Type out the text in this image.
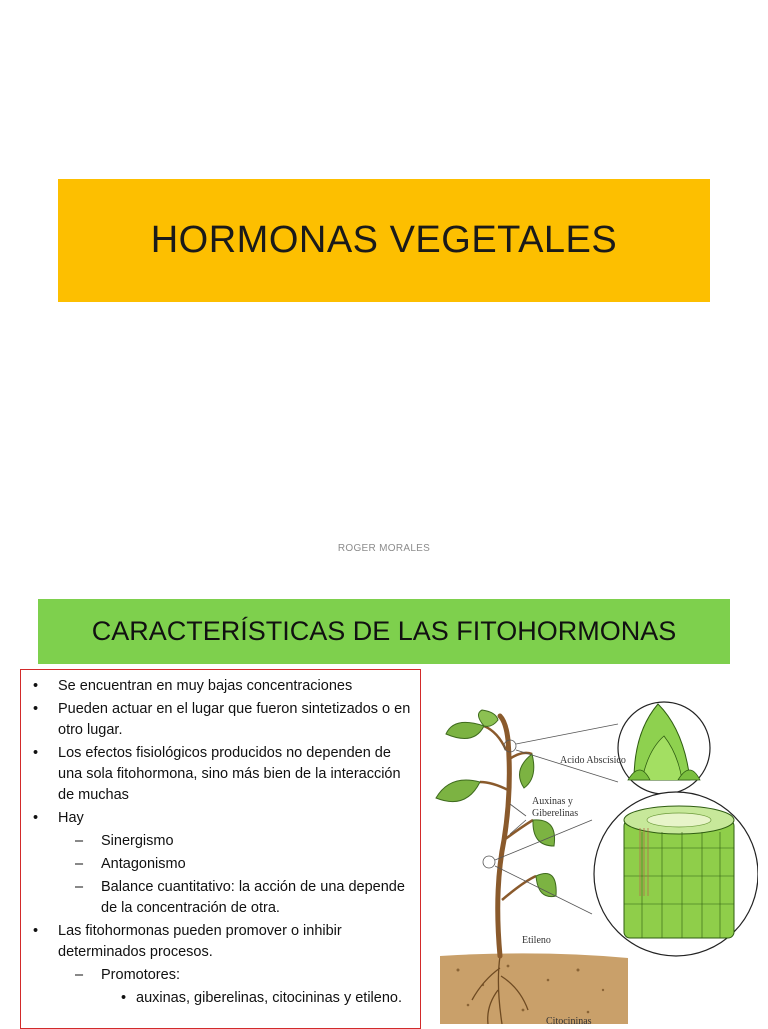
HORMONAS VEGETALES
ROGER MORALES
CARACTERÍSTICAS DE LAS FITOHORMONAS
• Se encuentran en muy bajas concentraciones
• Pueden actuar en el lugar que fueron sintetizados o en otro lugar.
• Los efectos fisiológicos producidos no dependen de una sola fitohormona, sino más bien de la interacción de muchas
• Hay
– Sinergismo
– Antagonismo
– Balance cuantitativo: la acción de una depende de la concentración de otra.
• Las fitohormonas pueden promover o inhibir determinados procesos.
– Promotores:
• auxinas, giberelinas, citocininas y etileno.
Acido Abscísico
Auxinas y
Giberelinas
Etileno
Citocininas
